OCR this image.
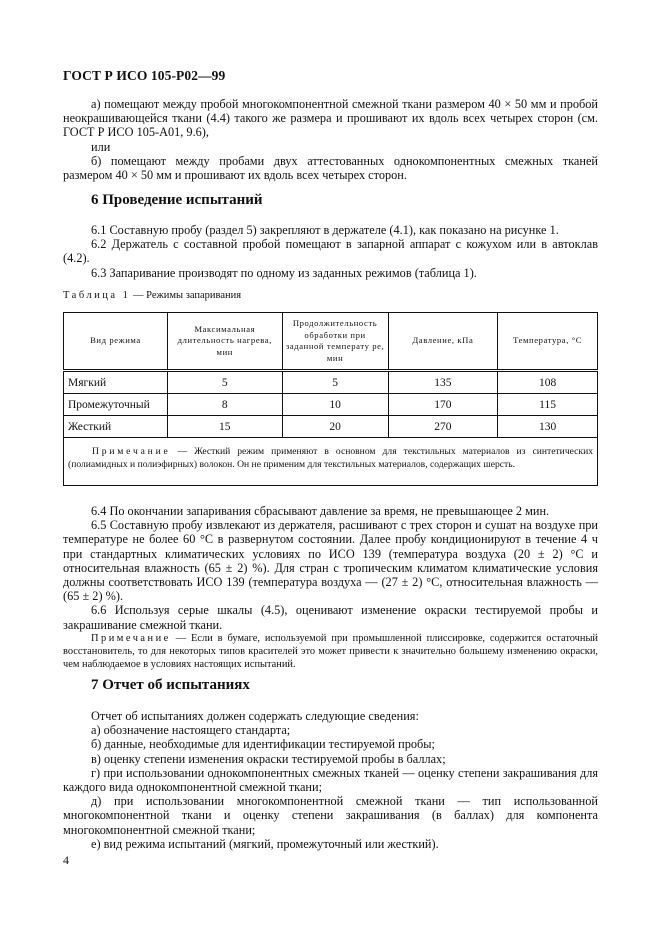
ГОСТ Р ИСО 105-Р02—99

а) помещают между пробой многокомпонентной смежной ткани размером 40 × 50 мм и пробой неокрашивающейся ткани (4.4) такого же размера и прошивают их вдоль всех четырех сторон (см. ГОСТ Р ИСО 105-А01, 9.6),

или

б) помещают между пробами двух аттестованных однокомпонентных смежных тканей размером 40 × 50 мм и прошивают их вдоль всех четырех сторон.

6 Проведение испытаний

6.1 Составную пробу (раздел 5) закрепляют в держателе (4.1), как показано на рисунке 1.

6.2 Держатель с составной пробой помещают в запарной аппарат с кожухом или в автоклав (4.2).

6.3 Запаривание производят по одному из заданных режимов (таблица 1).

Таблица 1 — Режимы запаривания
Вид режима	Максимальная длительность нагрева, мин	Продолжительность обработки при заданной температу ре, мин	Давление, кПа	Температура, °С
Мягкий	5	5	135	108
Промежуточный	8	10	170	115
Жесткий	15	20	270	130
Примечание — Жесткий режим применяют в основном для текстильных материалов из синтетических (полиамидных и полиэфирных) волокон. Он не применим для текстильных материалов, содержащих шерсть.				

6.4 По окончании запаривания сбрасывают давление за время, не превышающее 2 мин.

6.5 Составную пробу извлекают из держателя, расшивают с трех сторон и сушат на воздухе при температуре не более 60 °С в развернутом состоянии. Далее пробу кондиционируют в течение 4 ч при стандартных климатических условиях по ИСО 139 (температура воздуха (20 ± 2) °С и относительная влажность (65 ± 2) %). Для стран с тропическим климатом климатические условия должны соответствовать ИСО 139 (температура воздуха — (27 ± 2) °С, относительная влажность — (65 ± 2) %).

6.6 Используя серые шкалы (4.5), оценивают изменение окраски тестируемой пробы и закрашивание смежной ткани.

Примечание — Если в бумаге, используемой при промышленной плиссировке, содержится остаточный восстановитель, то для некоторых типов красителей это может привести к значительно большему изменению окраски, чем наблюдаемое в условиях настоящих испытаний.

7 Отчет об испытаниях

Отчет об испытаниях должен содержать следующие сведения:

а) обозначение настоящего стандарта;

б) данные, необходимые для идентификации тестируемой пробы;

в) оценку степени изменения окраски тестируемой пробы в баллах;

г) при использовании однокомпонентных смежных тканей — оценку степени закрашивания для каждого вида однокомпонентной смежной ткани;

д) при использовании многокомпонентной смежной ткани — тип использованной многокомпонентной ткани и оценку степени закрашивания (в баллах) для компонента многокомпонентной смежной ткани;

е) вид режима испытаний (мягкий, промежуточный или жесткий).

4
